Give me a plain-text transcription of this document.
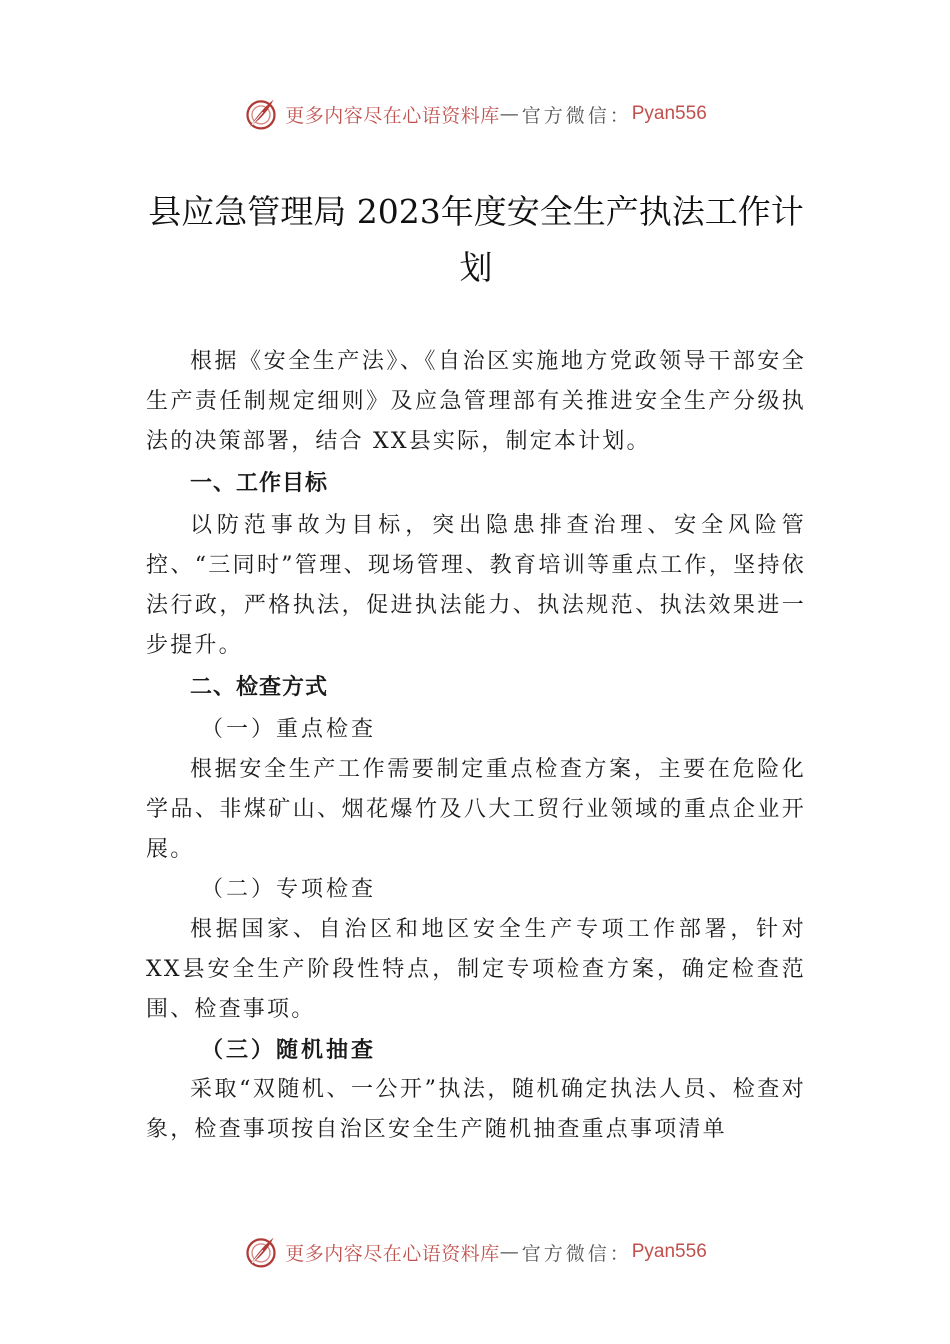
更多内容尽在心语资料库 — 官方微信： Pyan556
县应急管理局 2023年度安全生产执法工作计划

根据《安全生产法》、《自治区实施地方党政领导干部安全生产责任制规定细则》及应急管理部有关推进安全生产分级执法的决策部署，结合 XX县实际，制定本计划。

一、工作目标

以防范事故为目标，突出隐患排查治理、安全风险管控、“三同时”管理、现场管理、教育培训等重点工作，坚持依法行政，严格执法，促进执法能力、执法规范、执法效果进一步提升。

二、检查方式
（一）重点检查

根据安全生产工作需要制定重点检查方案，主要在危险化学品、非煤矿山、烟花爆竹及八大工贸行业领域的重点企业开展。

（二）专项检查

根据国家、自治区和地区安全生产专项工作部署，针对XX县安全生产阶段性特点，制定专项检查方案，确定检查范围、检查事项。

（三）随机抽查

采取“双随机、一公开”执法，随机确定执法人员、检查对象，检查事项按自治区安全生产随机抽查重点事项清单

更多内容尽在心语资料库 — 官方微信： Pyan556
